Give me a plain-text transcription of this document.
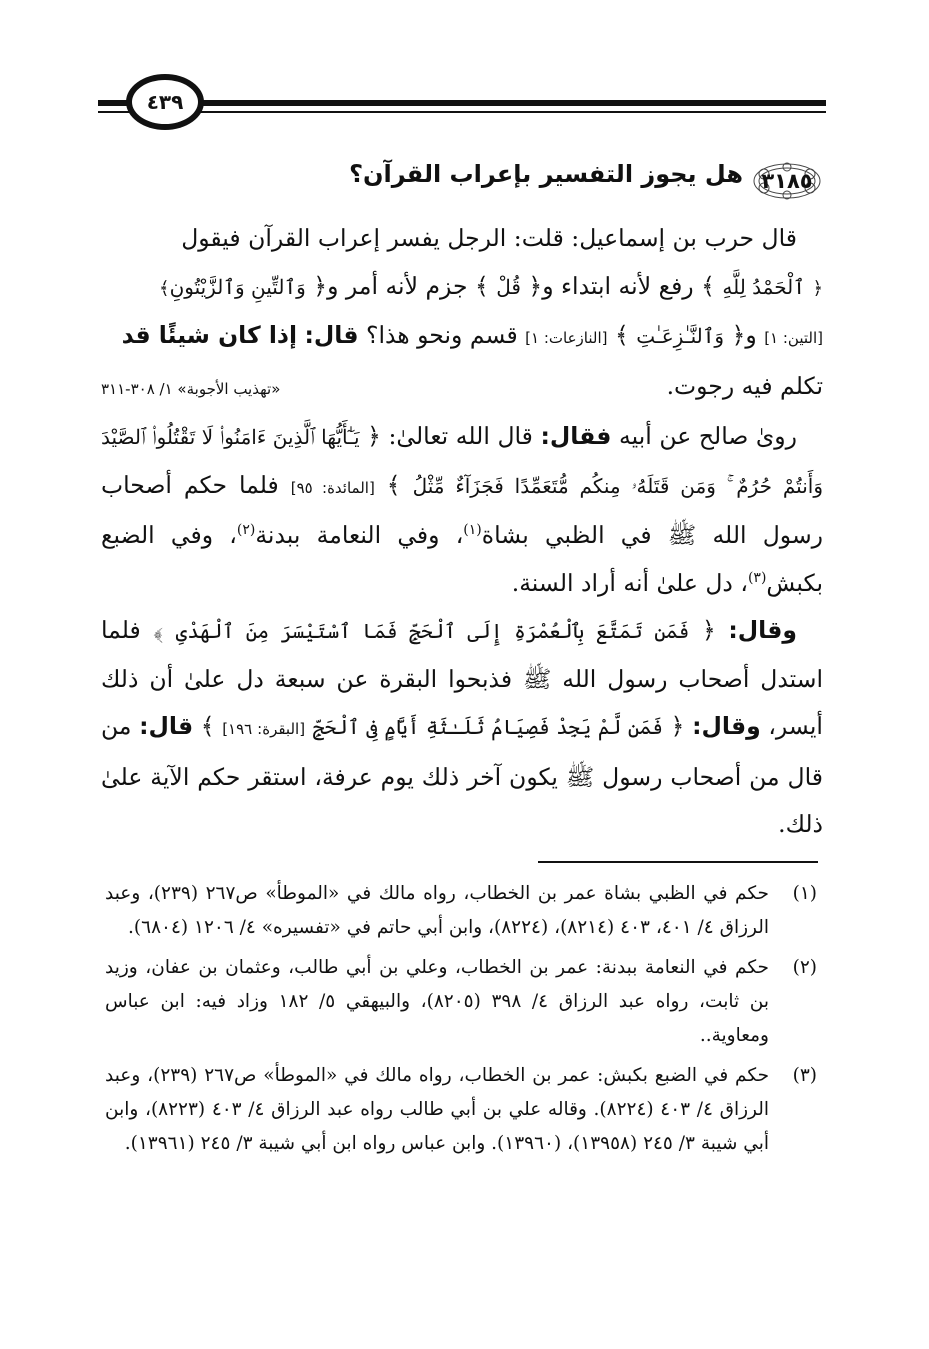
٤٣٩
٣١٨٥
هل يجوز التفسير بإعراب القرآن؟

قال حرب بن إسماعيل: قلت: الرجل يفسر إعراب القرآن فيقول

﴿ ٱلْحَمْدُ لِلَّهِ ﴾ رفع لأنه ابتداء و﴿ قُلْ ﴾ جزم لأنه أمر و﴿ وَٱلتِّينِ وَٱلزَّيْتُونِ﴾

[التين: ١] و﴿ وَٱلنَّـٰزِعَـٰتِ ﴾ [النازعات: ١] قسم ونحو هذا؟ قال: إذا كان شيئًا قد

تكلم فيه رجوت.
«تهذيب الأجوبة» ١/ ٣٠٨-٣١١

روىٰ صالح عن أبيه فقال: قال الله تعالىٰ: ﴿ يَـٰٓأَيُّهَا ٱلَّذِينَ ءَامَنُوا۟ لَا تَقْتُلُوا۟ ٱلصَّيْدَ وَأَنتُمْ حُرُمٌ ۚ وَمَن قَتَلَهُۥ مِنكُم مُّتَعَمِّدًا فَجَزَآءٌ مِّثْلُ ﴾ [المائدة: ٩٥] فلما حكم أصحاب رسول الله ﷺ في الظبي بشاة$^{(١)}$، وفي النعامة ببدنة$^{(٢)}$، وفي الضبع بكبش$^{(٣)}$، دل علىٰ أنه أراد السنة.

وقال: ﴿ فَمَن تَمَتَّعَ بِٱلْعُمْرَةِ إِلَى ٱلْحَجِّ فَمَا ٱسْتَيْسَرَ مِنَ ٱلْهَدْىِ ﴾ فلما استدل أصحاب رسول الله ﷺ فذبحوا البقرة عن سبعة دل علىٰ أن ذلك أيسر، وقال: ﴿ فَمَن لَّمْ يَجِدْ فَصِيَامُ ثَلَـٰثَةِ أَيَّامٍ فِى ٱلْحَجِّ [البقرة: ١٩٦] ﴾ قال: من قال من أصحاب رسول ﷺ يكون آخر ذلك يوم عرفة، استقر حكم الآية علىٰ ذلك.

(١)
حكم في الظبي بشاة عمر بن الخطاب، رواه مالك في «الموطأ» ص٢٦٧ (٢٣٩)، وعبد الرزاق ٤/ ٤٠١، ٤٠٣ (٨٢١٤)، (٨٢٢٤)، وابن أبي حاتم في «تفسيره» ٤/ ١٢٠٦ (٦٨٠٤).
(٢)
حكم في النعامة ببدنة: عمر بن الخطاب، وعلي بن أبي طالب، وعثمان بن عفان، وزيد بن ثابت، رواه عبد الرزاق ٤/ ٣٩٨ (٨٢٠٥)، والبيهقي ٥/ ١٨٢ وزاد فيه: ابن عباس ومعاوية..
(٣)
حكم في الضبع بكبش: عمر بن الخطاب، رواه مالك في «الموطأ» ص٢٦٧ (٢٣٩)، وعبد الرزاق ٤/ ٤٠٣ (٨٢٢٤). وقاله علي بن أبي طالب رواه عبد الرزاق ٤/ ٤٠٣ (٨٢٢٣)، وابن أبي شيبة ٣/ ٢٤٥ (١٣٩٥٨)، (١٣٩٦٠). وابن عباس رواه ابن أبي شيبة ٣/ ٢٤٥ (١٣٩٦١).
